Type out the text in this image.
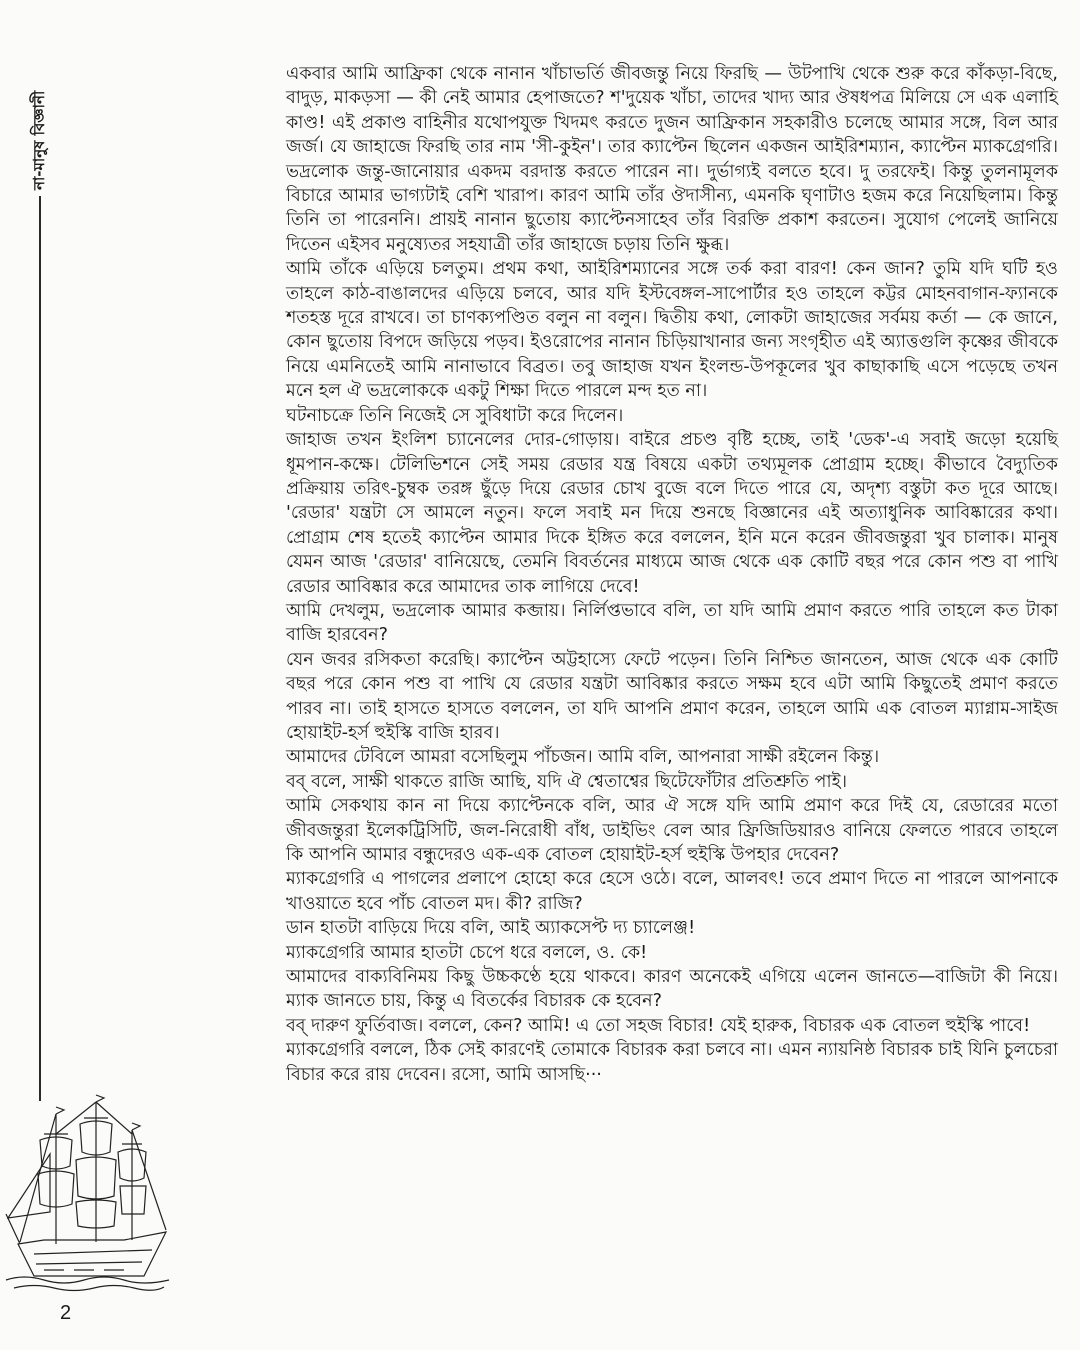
না-মানুষ বিজ্ঞানী
2

একবার আমি আফ্রিকা থেকে নানান খাঁচাভর্তি জীবজন্তু নিয়ে ফিরছি — উটপাখি থেকে শুরু করে কাঁকড়া-বিছে, বাদুড়, মাকড়সা — কী নেই আমার হেপাজতে? শ'দুয়েক খাঁচা, তাদের খাদ্য আর ঔষধপত্র মিলিয়ে সে এক এলাহি কাণ্ড! এই প্রকাণ্ড বাহিনীর যথোপযুক্ত খিদমৎ করতে দুজন আফ্রিকান সহকারীও চলেছে আমার সঙ্গে, বিল আর জর্জ। যে জাহাজে ফিরছি তার নাম 'সী-কুইন'। তার ক্যাপ্টেন ছিলেন একজন আইরিশম্যান, ক্যাপ্টেন ম্যাকগ্রেগরি। ভদ্রলোক জন্তু-জানোয়ার একদম বরদাস্ত করতে পারেন না। দুর্ভাগ্যই বলতে হবে। দু তরফেই। কিন্তু তুলনামূলক বিচারে আমার ভাগ্যটাই বেশি খারাপ। কারণ আমি তাঁর ঔদাসীন্য, এমনকি ঘৃণাটাও হজম করে নিয়েছিলাম। কিন্তু তিনি তা পারেননি। প্রায়ই নানান ছুতোয় ক্যাপ্টেনসাহেব তাঁর বিরক্তি প্রকাশ করতেন। সুযোগ পেলেই জানিয়ে দিতেন এইসব মনুষ্যেতর সহযাত্রী তাঁর জাহাজে চড়ায় তিনি ক্ষুব্ধ।

আমি তাঁকে এড়িয়ে চলতুম। প্রথম কথা, আইরিশম্যানের সঙ্গে তর্ক করা বারণ! কেন জান? তুমি যদি ঘটি হও তাহলে কাঠ-বাঙালদের এড়িয়ে চলবে, আর যদি ইস্টবেঙ্গল-সাপোর্টার হও তাহলে কট্টর মোহনবাগান-ফ্যানকে শতহস্ত দূরে রাখবে। তা চাণক্যপণ্ডিত বলুন না বলুন। দ্বিতীয় কথা, লোকটা জাহাজের সর্বময় কর্তা — কে জানে, কোন ছুতোয় বিপদে জড়িয়ে পড়ব। ইওরোপের নানান চিড়িয়াখানার জন্য সংগৃহীত এই অ্যাত্তগুলি কৃষ্ণের জীবকে নিয়ে এমনিতেই আমি নানাভাবে বিব্রত। তবু জাহাজ যখন ইংলন্ড-উপকূলের খুব কাছাকাছি এসে পড়েছে তখন মনে হল ঐ ভদ্রলোককে একটু শিক্ষা দিতে পারলে মন্দ হত না।

ঘটনাচক্রে তিনি নিজেই সে সুবিধাটা করে দিলেন।

জাহাজ তখন ইংলিশ চ্যানেলের দোর-গোড়ায়। বাইরে প্রচণ্ড বৃষ্টি হচ্ছে, তাই 'ডেক'-এ সবাই জড়ো হয়েছি ধূমপান-কক্ষে। টেলিভিশনে সেই সময় রেডার যন্ত্র বিষয়ে একটা তথ্যমূলক প্রোগ্রাম হচ্ছে। কীভাবে বৈদ্যুতিক প্রক্রিয়ায় তরিৎ-চুম্বক তরঙ্গ ছুঁড়ে দিয়ে রেডার চোখ বুজে বলে দিতে পারে যে, অদৃশ্য বস্তুটা কত দূরে আছে। 'রেডার' যন্ত্রটা সে আমলে নতুন। ফলে সবাই মন দিয়ে শুনছে বিজ্ঞানের এই অত্যাধুনিক আবিষ্কারের কথা। প্রোগ্রাম শেষ হতেই ক্যাপ্টেন আমার দিকে ইঙ্গিত করে বললেন, ইনি মনে করেন জীবজন্তুরা খুব চালাক। মানুষ যেমন আজ 'রেডার' বানিয়েছে, তেমনি বিবর্তনের মাধ্যমে আজ থেকে এক কোটি বছর পরে কোন পশু বা পাখি রেডার আবিষ্কার করে আমাদের তাক লাগিয়ে দেবে!

আমি দেখলুম, ভদ্রলোক আমার কব্জায়। নির্লিপ্তভাবে বলি, তা যদি আমি প্রমাণ করতে পারি তাহলে কত টাকা বাজি হারবেন?

যেন জবর রসিকতা করেছি। ক্যাপ্টেন অট্টহাস্যে ফেটে পড়েন। তিনি নিশ্চিত জানতেন, আজ থেকে এক কোটি বছর পরে কোন পশু বা পাখি যে রেডার যন্ত্রটা আবিষ্কার করতে সক্ষম হবে এটা আমি কিছুতেই প্রমাণ করতে পারব না। তাই হাসতে হাসতে বললেন, তা যদি আপনি প্রমাণ করেন, তাহলে আমি এক বোতল ম্যাগ্নাম-সাইজ হোয়াইট-হর্স হুইস্কি বাজি হারব।

আমাদের টেবিলে আমরা বসেছিলুম পাঁচজন। আমি বলি, আপনারা সাক্ষী রইলেন কিন্তু।

বব্ বলে, সাক্ষী থাকতে রাজি আছি, যদি ঐ শ্বেতাশ্বের ছিটেফোঁটার প্রতিশ্রুতি পাই।

আমি সেকথায় কান না দিয়ে ক্যাপ্টেনকে বলি, আর ঐ সঙ্গে যদি আমি প্রমাণ করে দিই যে, রেডারের মতো জীবজন্তুরা ইলেকট্রিসিটি, জল-নিরোধী বাঁধ, ডাইভিং বেল আর ফ্রিজিডিয়ারও বানিয়ে ফেলতে পারবে তাহলে কি আপনি আমার বন্ধুদেরও এক-এক বোতল হোয়াইট-হর্স হুইস্কি উপহার দেবেন?

ম্যাকগ্রেগরি এ পাগলের প্রলাপে হোহো করে হেসে ওঠে। বলে, আলবৎ! তবে প্রমাণ দিতে না পারলে আপনাকে খাওয়াতে হবে পাঁচ বোতল মদ। কী? রাজি?

ডান হাতটা বাড়িয়ে দিয়ে বলি, আই অ্যাকসেপ্ট দ্য চ্যালেঞ্জ!

ম্যাকগ্রেগরি আমার হাতটা চেপে ধরে বললে, ও. কে!

আমাদের বাক্যবিনিময় কিছু উচ্চকণ্ঠে হয়ে থাকবে। কারণ অনেকেই এগিয়ে এলেন জানতে—বাজিটা কী নিয়ে। ম্যাক জানতে চায়, কিন্তু এ বিতর্কের বিচারক কে হবেন?

বব্ দারুণ ফুর্তিবাজ। বললে, কেন? আমি! এ তো সহজ বিচার! যেই হারুক, বিচারক এক বোতল হুইস্কি পাবে!

ম্যাকগ্রেগরি বললে, ঠিক সেই কারণেই তোমাকে বিচারক করা চলবে না। এমন ন্যায়নিষ্ঠ বিচারক চাই যিনি চুলচেরা বিচার করে রায় দেবেন। রসো, আমি আসছি···
